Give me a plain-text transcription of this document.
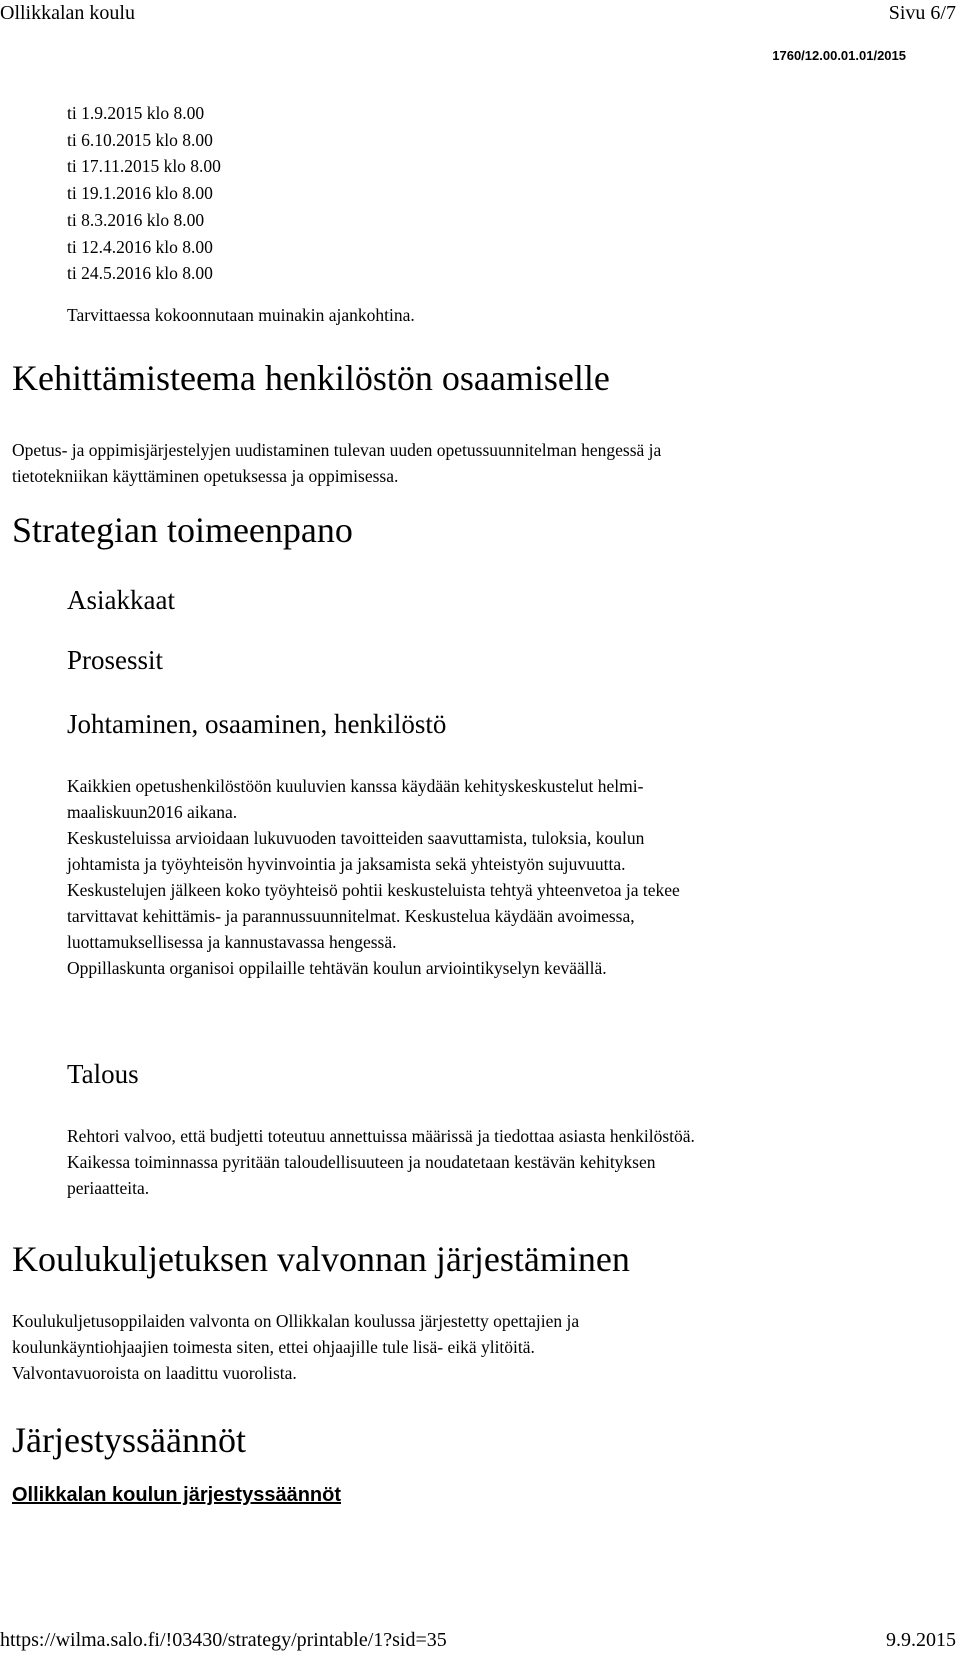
Ollikkalan koulu	Sivu 6/7
1760/12.00.01.01/2015
ti 1.9.2015 klo 8.00
ti 6.10.2015 klo 8.00
ti 17.11.2015 klo 8.00
ti 19.1.2016 klo 8.00
ti 8.3.2016 klo 8.00
ti 12.4.2016 klo 8.00
ti 24.5.2016 klo 8.00
Tarvittaessa kokoonnutaan muinakin ajankohtina.
Kehittämisteema henkilöstön osaamiselle

Opetus- ja oppimisjärjestelyjen uudistaminen tulevan uuden opetussuunnitelman hengessä ja

tietotekniikan käyttäminen opetuksessa ja oppimisessa.

Strategian toimeenpano
Asiakkaat
Prosessit
Johtaminen, osaaminen, henkilöstö

Kaikkien opetushenkilöstöön kuuluvien kanssa käydään kehityskeskustelut helmi-

maaliskuun2016 aikana.

Keskusteluissa arvioidaan lukuvuoden tavoitteiden saavuttamista, tuloksia, koulun

johtamista ja työyhteisön hyvinvointia ja jaksamista sekä yhteistyön sujuvuutta.

Keskustelujen jälkeen koko työyhteisö pohtii keskusteluista tehtyä yhteenvetoa ja tekee

tarvittavat kehittämis- ja parannussuunnitelmat. Keskustelua käydään avoimessa,

luottamuksellisessa ja kannustavassa hengessä.

Oppillaskunta organisoi oppilaille tehtävän koulun arviointikyselyn keväällä.

Talous

Rehtori valvoo, että budjetti toteutuu annettuissa määrissä ja tiedottaa asiasta henkilöstöä.

Kaikessa toiminnassa pyritään taloudellisuuteen ja noudatetaan kestävän kehityksen

periaatteita.

Koulukuljetuksen valvonnan järjestäminen

Koulukuljetusoppilaiden valvonta on Ollikkalan koulussa järjestetty opettajien ja

koulunkäyntiohjaajien toimesta siten, ettei ohjaajille tule lisä- eikä ylitöitä.

Valvontavuoroista on laadittu vuorolista.

Järjestyssäännöt
Ollikkalan koulun järjestyssäännöt
https://wilma.salo.fi/!03430/strategy/printable/1?sid=35	9.9.2015
